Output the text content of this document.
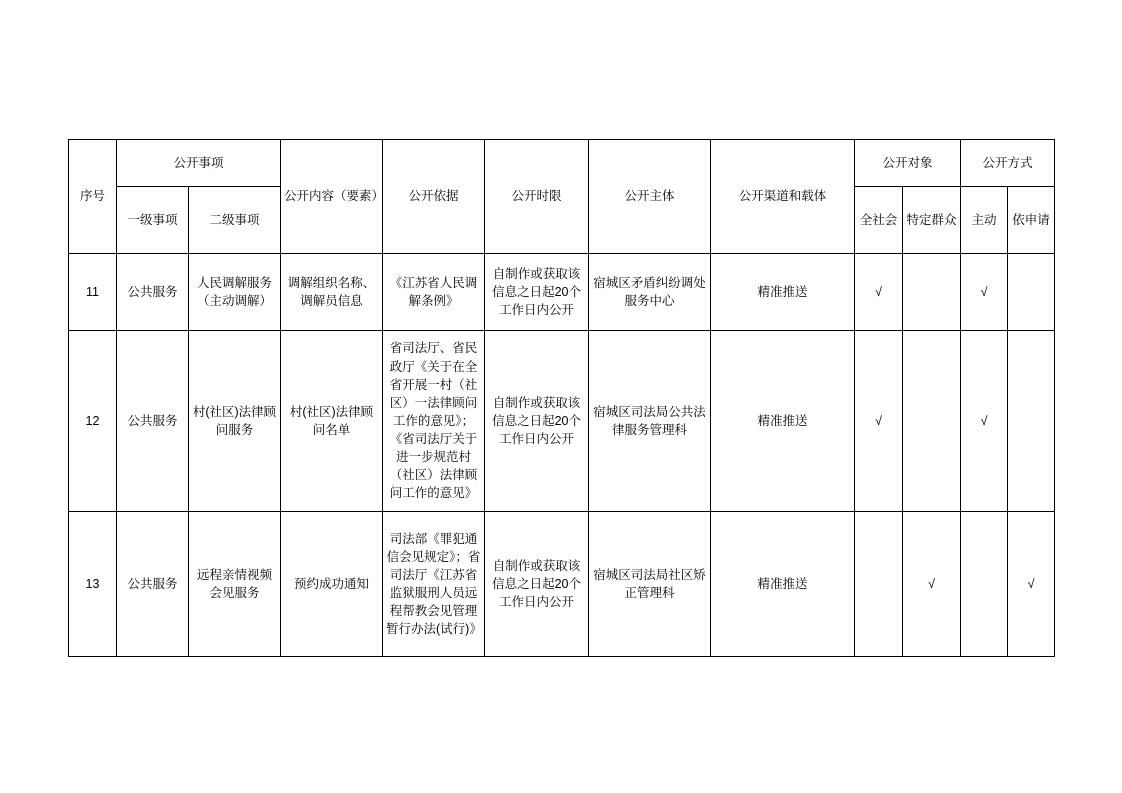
序号	公开事项		公开内容（要素）	公开依据	公开时限	公开主体	公开渠道和载体	公开对象		公开方式	
	一级事项	二级事项						全社会	特定群众	主动	依申请
11	公共服务	人民调解服务（主动调解）	调解组织名称、调解员信息	《江苏省人民调解条例》	自制作或获取该信息之日起20个工作日内公开	宿城区矛盾纠纷调处服务中心	精准推送	√		√	
12	公共服务	村(社区)法律顾问服务	村(社区)法律顾问名单	省司法厅、省民政厅《关于在全省开展一村（社区）一法律顾问工作的意见》；《省司法厅关于进一步规范村（社区）法律顾问工作的意见》	自制作或获取该信息之日起20个工作日内公开	宿城区司法局公共法律服务管理科	精准推送	√		√	
13	公共服务	远程亲情视频会见服务	预约成功通知	司法部《罪犯通信会见规定》；省司法厅《江苏省监狱服刑人员远程帮教会见管理暂行办法(试行)》	自制作或获取该信息之日起20个工作日内公开	宿城区司法局社区矫正管理科	精准推送		√		√
